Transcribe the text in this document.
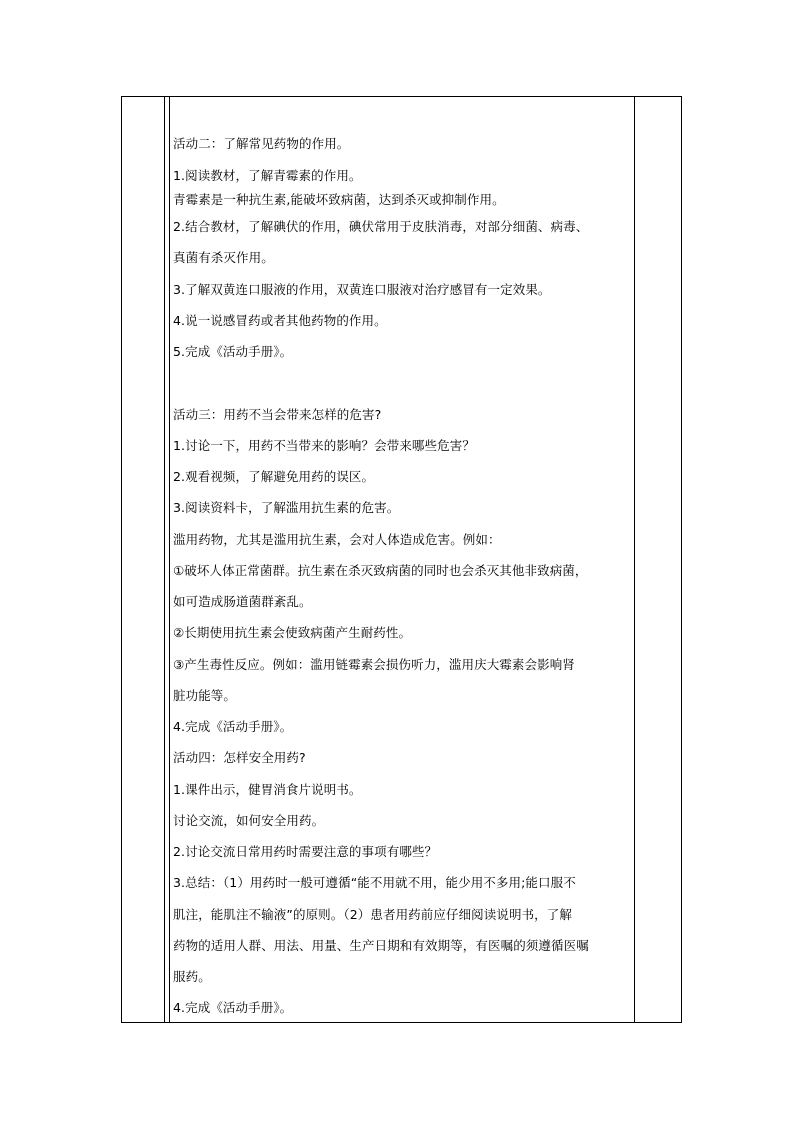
活动二：了解常见药物的作用。
1.阅读教材，了解青霉素的作用。
青霉素是一种抗生素,能破坏致病菌，达到杀灭或抑制作用。
2.结合教材，了解碘伏的作用，碘伏常用于皮肤消毒，对部分细菌、病毒、
真菌有杀灭作用。
3.了解双黄连口服液的作用，双黄连口服液对治疗感冒有一定效果。
4.说一说感冒药或者其他药物的作用。
5.完成《活动手册》。
活动三：用药不当会带来怎样的危害?
1.讨论一下，用药不当带来的影响？会带来哪些危害？
2.观看视频，了解避免用药的误区。
3.阅读资料卡，了解滥用抗生素的危害。
滥用药物，尤其是滥用抗生素，会对人体造成危害。例如：
①破坏人体正常菌群。抗生素在杀灭致病菌的同时也会杀灭其他非致病菌，
如可造成肠道菌群紊乱。
②长期使用抗生素会使致病菌产生耐药性。
③产生毒性反应。例如：滥用链霉素会损伤听力，滥用庆大霉素会影响肾
脏功能等。
4.完成《活动手册》。
活动四：怎样安全用药?
1.课件出示，健胃消食片说明书。
讨论交流，如何安全用药。
2.讨论交流日常用药时需要注意的事项有哪些？
3.总结：（1）用药时一般可遵循“能不用就不用，能少用不多用;能口服不
肌注，能肌注不输液”的原则。（2）患者用药前应仔细阅读说明书，了解
药物的适用人群、用法、用量、生产日期和有效期等，有医嘱的须遵循医嘱
服药。
4.完成《活动手册》。
